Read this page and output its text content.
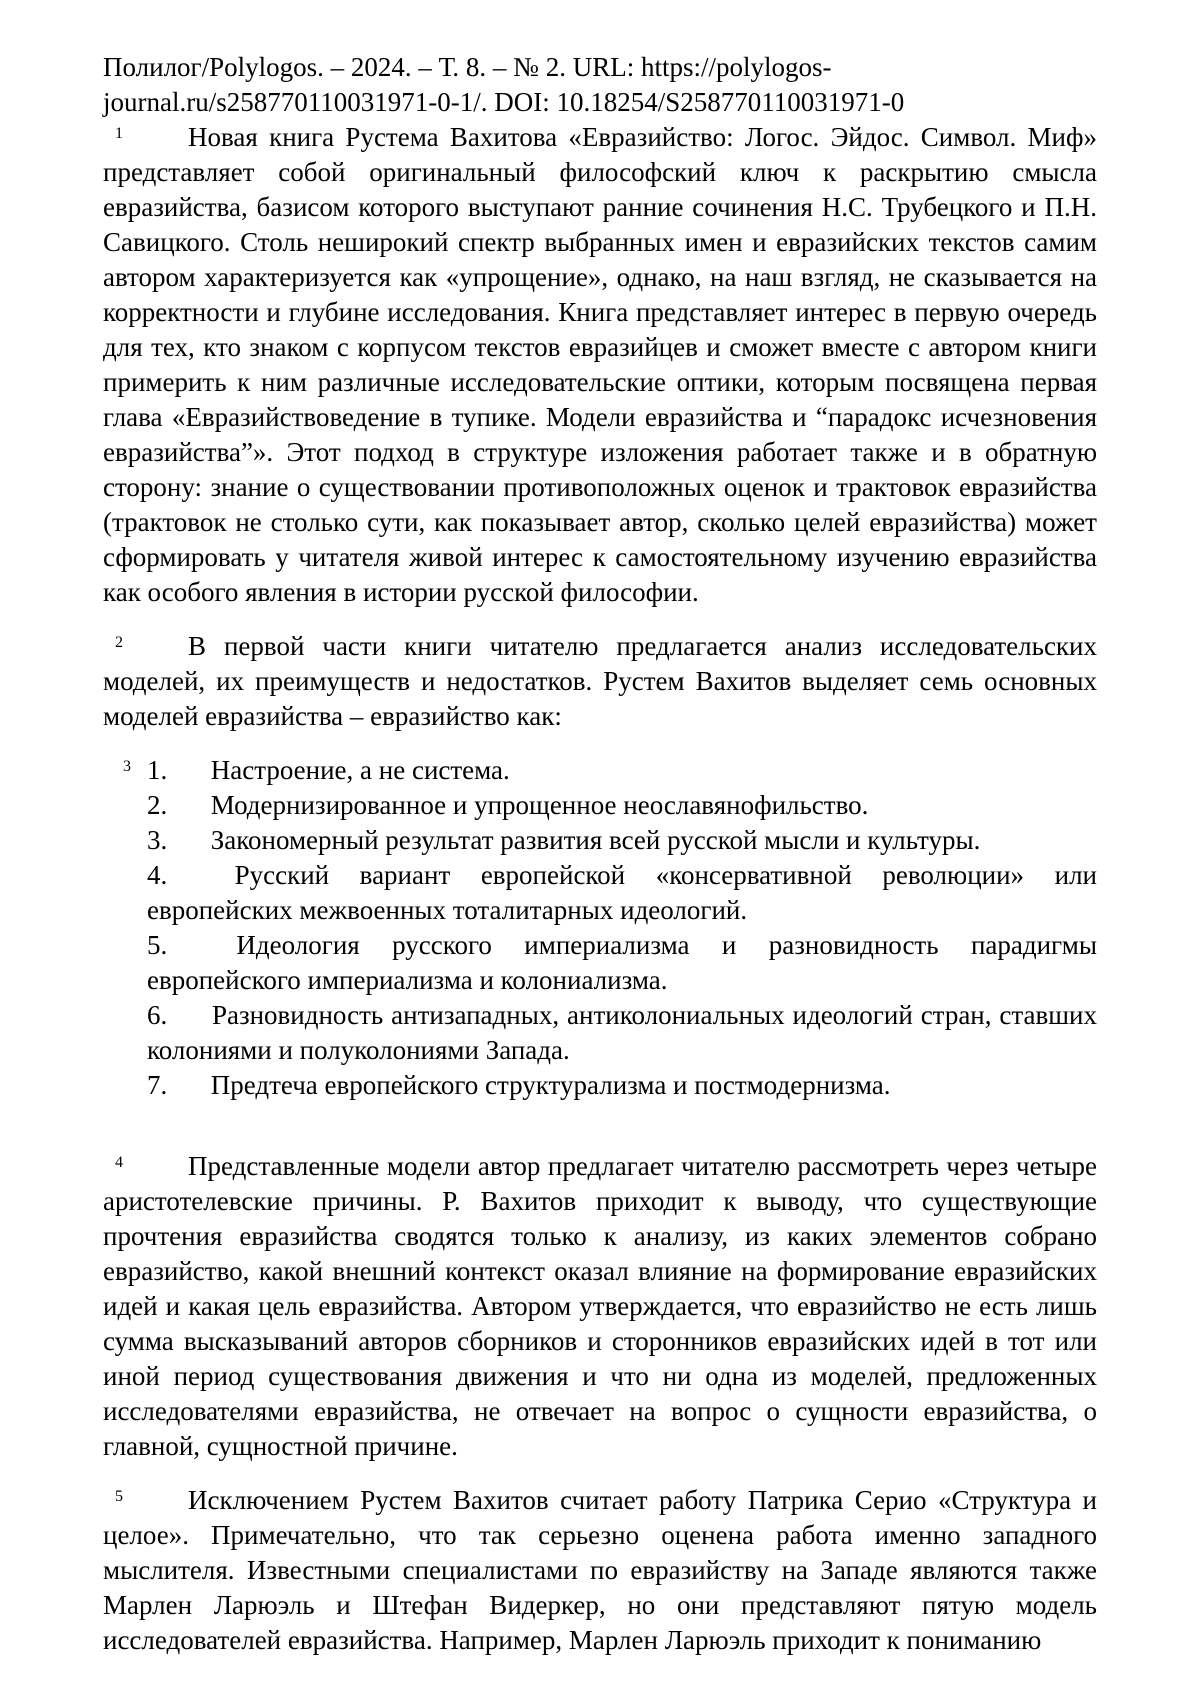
Полилог/Polylogos. – 2024. – Т. 8. – № 2. URL: https://polylogos-
journal.ru/s258770110031971-0-1/. DOI: 10.18254/S258770110031971-0

1 Новая книга Рустема Вахитова «Евразийство: Логос. Эйдос. Символ. Миф» представляет собой оригинальный философский ключ к раскрытию смысла евразийства, базисом которого выступают ранние сочинения Н.С. Трубецкого и П.Н. Савицкого. Столь неширокий спектр выбранных имен и евразийских текстов самим автором характеризуется как «упрощение», однако, на наш взгляд, не сказывается на корректности и глубине исследования. Книга представляет интерес в первую очередь для тех, кто знаком с корпусом текстов евразийцев и сможет вместе с автором книги примерить к ним различные исследовательские оптики, которым посвящена первая глава «Евразийствоведение в тупике. Модели евразийства и “парадокс исчезновения евразийства”». Этот подход в структуре изложения работает также и в обратную сторону: знание о существовании противоположных оценок и трактовок евразийства (трактовок не столько сути, как показывает автор, сколько целей евразийства) может сформировать у читателя живой интерес к самостоятельному изучению евразийства как особого явления в истории русской философии.

2 В первой части книги читателю предлагается анализ исследовательских моделей, их преимуществ и недостатков. Рустем Вахитов выделяет семь основных моделей евразийства – евразийство как:

3 1. Настроение, а не система.
2. Модернизированное и упрощенное неославянофильство.
3. Закономерный результат развития всей русской мысли и культуры.
4. Русский вариант европейской «консервативной революции» или европейских межвоенных тоталитарных идеологий.
5.	Идеология русского империализма и разновидность парадигмы европейского империализма и колониализма.
6. Разновидность антизападных, антиколониальных идеологий стран, ставших колониями и полуколониями Запада.
7. Предтеча европейского структурализма и постмодернизма.

4 Представленные модели автор предлагает читателю рассмотреть через четыре аристотелевские причины. Р. Вахитов приходит к выводу, что существующие прочтения евразийства сводятся только к анализу, из каких элементов собрано евразийство, какой внешний контекст оказал влияние на формирование евразийских идей и какая цель евразийства. Автором утверждается, что евразийство не есть лишь сумма высказываний авторов сборников и сторонников евразийских идей в тот или иной период существования движения и что ни одна из моделей, предложенных исследователями евразийства, не отвечает на вопрос о сущности евразийства, о главной, сущностной причине.

5 Исключением Рустем Вахитов считает работу Патрика Серио «Структура и целое». Примечательно, что так серьезно оценена работа именно западного мыслителя. Известными специалистами по евразийству на Западе являются также Марлен Ларюэль и Штефан Видеркер, но они представляют пятую модель исследователей евразийства. Например, Марлен Ларюэль приходит к пониманию
